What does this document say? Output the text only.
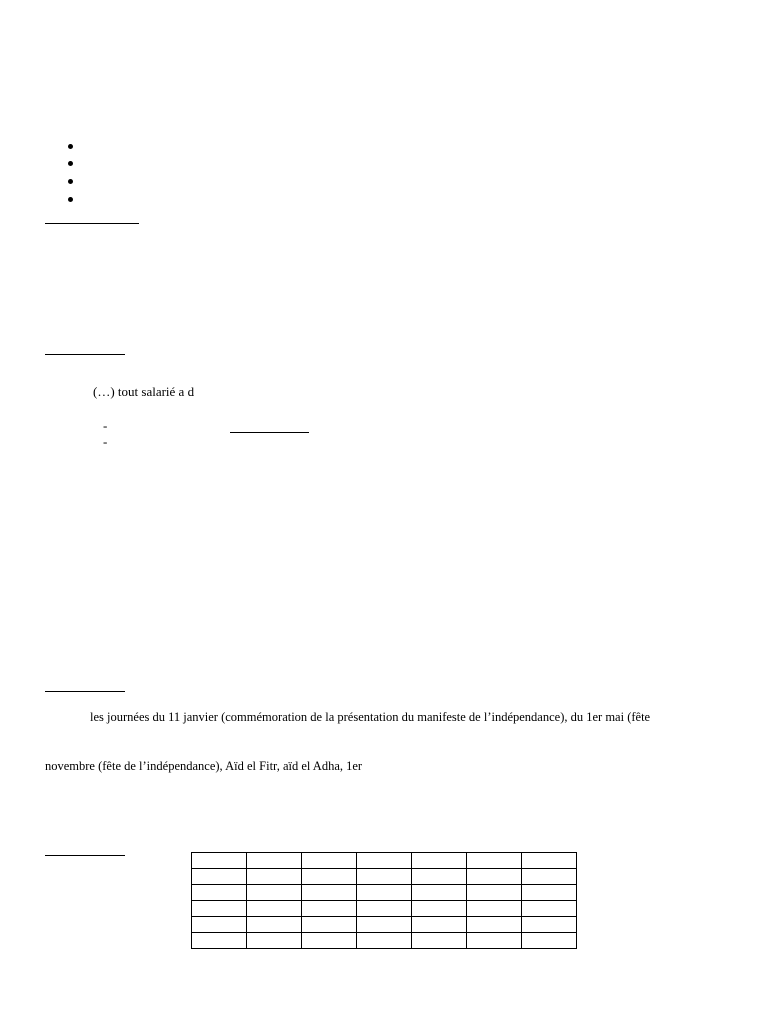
(…) tout salarié a d
-
-
les journées du 11 janvier (commémoration de la présentation du manifeste de l’indépendance), du 1er mai (fête
novembre (fête de l’indépendance), Aïd el Fitr, aïd el Adha, 1er
